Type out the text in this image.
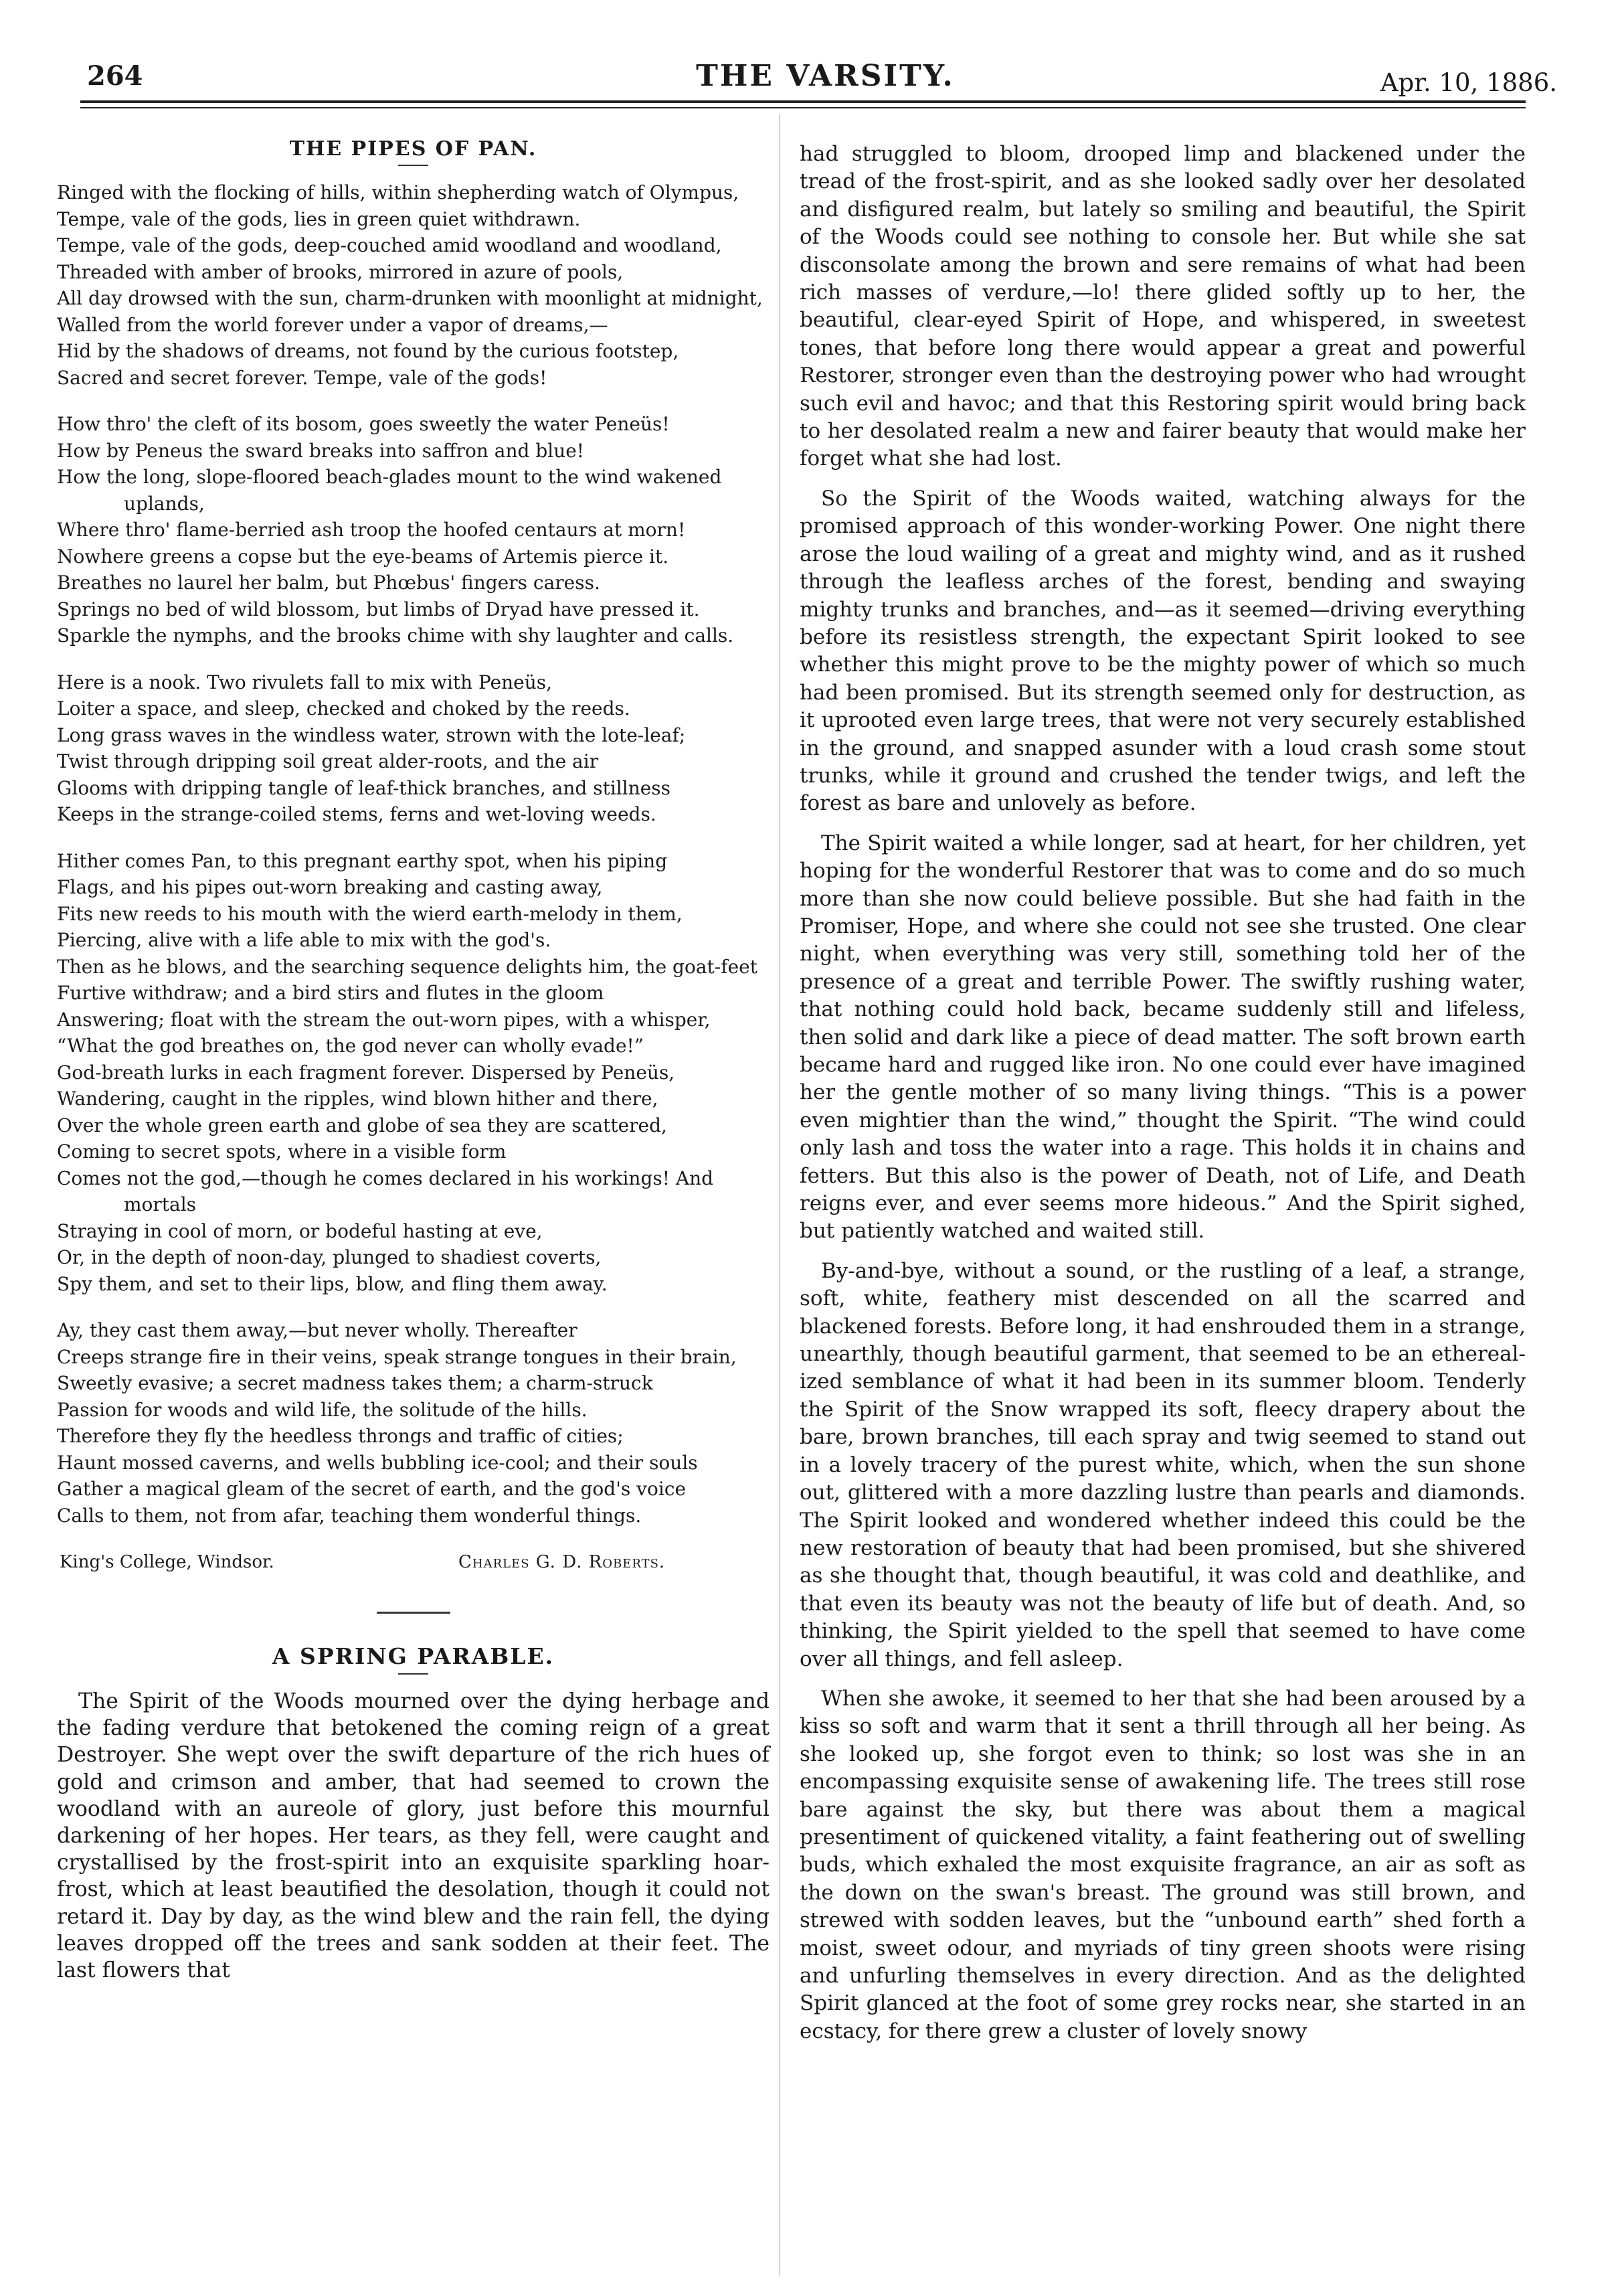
264	THE VARSITY.	Apr. 10, 1886.
THE PIPES OF PAN.
Ringed with the flocking of hills, within shepherding watch of Olympus,
Tempe, vale of the gods, lies in green quiet withdrawn.
Tempe, vale of the gods, deep-couched amid woodland and woodland,
Threaded with amber of brooks, mirrored in azure of pools,
All day drowsed with the sun, charm-drunken with moonlight at midnight,
Walled from the world forever under a vapor of dreams,—
Hid by the shadows of dreams, not found by the curious footstep,
Sacred and secret forever. Tempe, vale of the gods!
How thro' the cleft of its bosom, goes sweetly the water Peneüs!
How by Peneus the sward breaks into saffron and blue!
How the long, slope-floored beach-glades mount to the wind wakened uplands,
Where thro' flame-berried ash troop the hoofed centaurs at morn!
Nowhere greens a copse but the eye-beams of Artemis pierce it.
Breathes no laurel her balm, but Phœbus' fingers caress.
Springs no bed of wild blossom, but limbs of Dryad have pressed it.
Sparkle the nymphs, and the brooks chime with shy laughter and calls.
Here is a nook. Two rivulets fall to mix with Peneüs,
Loiter a space, and sleep, checked and choked by the reeds.
Long grass waves in the windless water, strown with the lote-leaf;
Twist through dripping soil great alder-roots, and the air
Glooms with dripping tangle of leaf-thick branches, and stillness
Keeps in the strange-coiled stems, ferns and wet-loving weeds.
Hither comes Pan, to this pregnant earthy spot, when his piping
Flags, and his pipes out-worn breaking and casting away,
Fits new reeds to his mouth with the wierd earth-melody in them,
Piercing, alive with a life able to mix with the god's.
Then as he blows, and the searching sequence delights him, the goat-feet
Furtive withdraw; and a bird stirs and flutes in the gloom
Answering; float with the stream the out-worn pipes, with a whisper,
“What the god breathes on, the god never can wholly evade!”
God-breath lurks in each fragment forever. Dispersed by Peneüs,
Wandering, caught in the ripples, wind blown hither and there,
Over the whole green earth and globe of sea they are scattered,
Coming to secret spots, where in a visible form
Comes not the god,—though he comes declared in his workings! And mortals
Straying in cool of morn, or bodeful hasting at eve,
Or, in the depth of noon-day, plunged to shadiest coverts,
Spy them, and set to their lips, blow, and fling them away.
Ay, they cast them away,—but never wholly. Thereafter
Creeps strange fire in their veins, speak strange tongues in their brain,
Sweetly evasive; a secret madness takes them; a charm-struck
Passion for woods and wild life, the solitude of the hills.
Therefore they fly the heedless throngs and traffic of cities;
Haunt mossed caverns, and wells bubbling ice-cool; and their souls
Gather a magical gleam of the secret of earth, and the god's voice
Calls to them, not from afar, teaching them wonderful things.
King's College, Windsor.	Charles G. D. Roberts.
A SPRING PARABLE.

The Spirit of the Woods mourned over the dying herbage and the fading verdure that betokened the coming reign of a great Destroyer. She wept over the swift departure of the rich hues of gold and crimson and amber, that had seemed to crown the woodland with an aureole of glory, just before this mournful darkening of her hopes. Her tears, as they fell, were caught and crystallised by the frost-spirit into an exquisite sparkling hoar-frost, which at least beautified the desolation, though it could not retard it. Day by day, as the wind blew and the rain fell, the dying leaves dropped off the trees and sank sodden at their feet. The last flowers that

had struggled to bloom, drooped limp and blackened under the tread of the frost-spirit, and as she looked sadly over her desolated and disfigured realm, but lately so smiling and beautiful, the Spirit of the Woods could see nothing to console her. But while she sat disconsolate among the brown and sere remains of what had been rich masses of verdure,—lo! there glided softly up to her, the beautiful, clear-eyed Spirit of Hope, and whispered, in sweetest tones, that before long there would appear a great and powerful Restorer, stronger even than the destroying power who had wrought such evil and havoc; and that this Restoring spirit would bring back to her desolated realm a new and fairer beauty that would make her forget what she had lost.

So the Spirit of the Woods waited, watching always for the promised approach of this wonder-working Power. One night there arose the loud wailing of a great and mighty wind, and as it rushed through the leafless arches of the forest, bending and swaying mighty trunks and branches, and—as it seemed—driving everything before its resistless strength, the expectant Spirit looked to see whether this might prove to be the mighty power of which so much had been promised. But its strength seemed only for destruction, as it uprooted even large trees, that were not very securely established in the ground, and snapped asunder with a loud crash some stout trunks, while it ground and crushed the tender twigs, and left the forest as bare and unlovely as before.

The Spirit waited a while longer, sad at heart, for her children, yet hoping for the wonderful Restorer that was to come and do so much more than she now could believe possible. But she had faith in the Promiser, Hope, and where she could not see she trusted. One clear night, when everything was very still, something told her of the presence of a great and terrible Power. The swiftly rushing water, that nothing could hold back, became suddenly still and lifeless, then solid and dark like a piece of dead matter. The soft brown earth became hard and rugged like iron. No one could ever have imagined her the gentle mother of so many living things. “This is a power even mightier than the wind,” thought the Spirit. “The wind could only lash and toss the water into a rage. This holds it in chains and fetters. But this also is the power of Death, not of Life, and Death reigns ever, and ever seems more hideous.” And the Spirit sighed, but patiently watched and waited still.

By-and-bye, without a sound, or the rustling of a leaf, a strange, soft, white, feathery mist descended on all the scarred and blackened forests. Before long, it had enshrouded them in a strange, unearthly, though beautiful garment, that seemed to be an ethereal-ized semblance of what it had been in its summer bloom. Tenderly the Spirit of the Snow wrapped its soft, fleecy drapery about the bare, brown branches, till each spray and twig seemed to stand out in a lovely tracery of the purest white, which, when the sun shone out, glittered with a more dazzling lustre than pearls and diamonds. The Spirit looked and wondered whether indeed this could be the new restoration of beauty that had been promised, but she shivered as she thought that, though beautiful, it was cold and deathlike, and that even its beauty was not the beauty of life but of death. And, so thinking, the Spirit yielded to the spell that seemed to have come over all things, and fell asleep.

When she awoke, it seemed to her that she had been aroused by a kiss so soft and warm that it sent a thrill through all her being. As she looked up, she forgot even to think; so lost was she in an encompassing exquisite sense of awakening life. The trees still rose bare against the sky, but there was about them a magical presentiment of quickened vitality, a faint feathering out of swelling buds, which exhaled the most exquisite fragrance, an air as soft as the down on the swan's breast. The ground was still brown, and strewed with sodden leaves, but the “unbound earth” shed forth a moist, sweet odour, and myriads of tiny green shoots were rising and unfurling themselves in every direction. And as the delighted Spirit glanced at the foot of some grey rocks near, she started in an ecstacy, for there grew a cluster of lovely snowy
